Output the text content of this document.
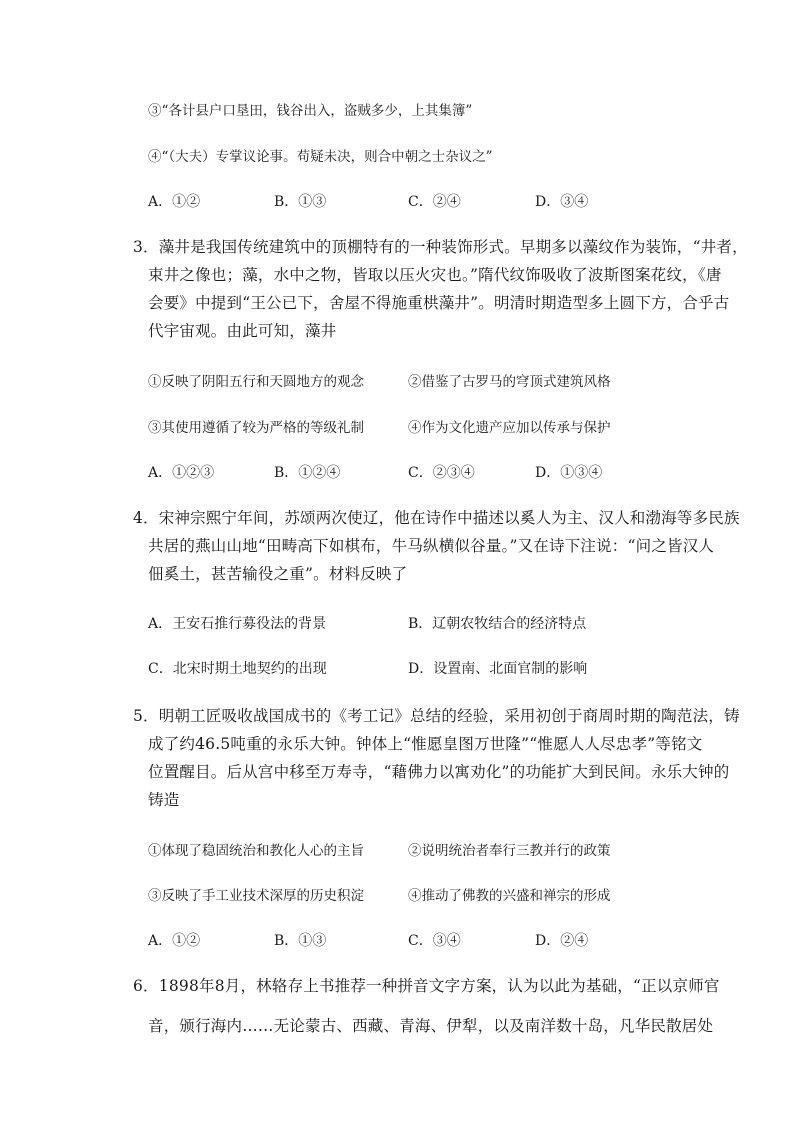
③“各计县户口垦田，钱谷出入，盗贼多少，上其集簿”
④“（大夫）专掌议论事。苟疑未决，则合中朝之士杂议之”
A．①②	B．①③	C．②④	D．③④
3．藻井是我国传统建筑中的顶棚特有的一种装饰形式。早期多以藻纹作为装饰，“井者，
束井之像也；藻，水中之物，皆取以压火灾也。”隋代纹饰吸收了波斯图案花纹，《唐
会要》中提到“王公已下，舍屋不得施重栱藻井”。明清时期造型多上圆下方，合乎古
代宇宙观。由此可知，藻井
①反映了阴阳五行和天圆地方的观念	②借鉴了古罗马的穹顶式建筑风格
③其使用遵循了较为严格的等级礼制	④作为文化遗产应加以传承与保护
A．①②③	B．①②④	C．②③④	D．①③④
4．宋神宗熙宁年间，苏颂两次使辽，他在诗作中描述以奚人为主、汉人和渤海等多民族
共居的燕山山地“田畴高下如棋布，牛马纵横似谷量。”又在诗下注说：“问之皆汉人
佃奚土，甚苦输役之重”。材料反映了
A．王安石推行募役法的背景	B．辽朝农牧结合的经济特点
C．北宋时期土地契约的出现	D．设置南、北面官制的影响
5．明朝工匠吸收战国成书的《考工记》总结的经验，采用初创于商周时期的陶范法，铸
成了约46.5吨重的永乐大钟。钟体上“惟愿皇图万世隆”“惟愿人人尽忠孝”等铭文
位置醒目。后从宫中移至万寿寺，“藉佛力以寓劝化”的功能扩大到民间。永乐大钟的
铸造
①体现了稳固统治和教化人心的主旨	②说明统治者奉行三教并行的政策
③反映了手工业技术深厚的历史积淀	④推动了佛教的兴盛和禅宗的形成
A．①②	B．①③	C．③④	D．②④
6．1898年8月，林辂存上书推荐一种拼音文字方案，认为以此为基础，“正以京师官
音，颁行海内……无论蒙古、西藏、青海、伊犁，以及南洋数十岛，凡华民散居处
